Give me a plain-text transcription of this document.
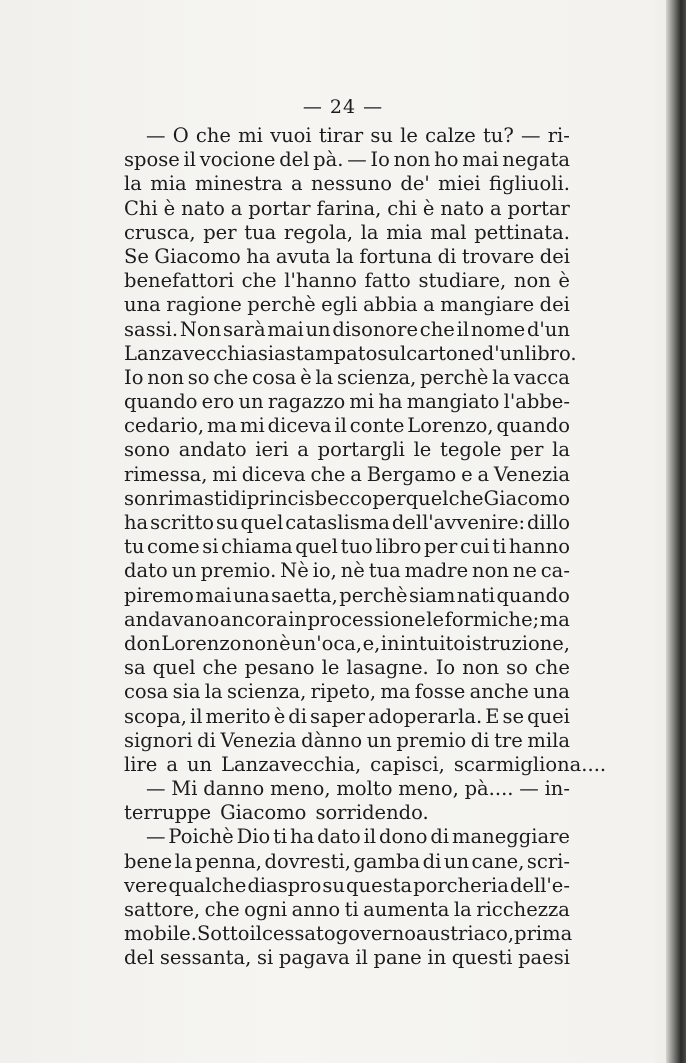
— 24 —
— O che mi vuoi tirar su le calze tu? — ri-
spose il vocione del pà. — Io non ho mai negata
la mia minestra a nessuno de' miei figliuoli.
Chi è nato a portar farina, chi è nato a portar
crusca, per tua regola, la mia mal pettinata.
Se Giacomo ha avuta la fortuna di trovare dei
benefattori che l'hanno fatto studiare, non è
una ragione perchè egli abbia a mangiare dei
sassi. Non sarà mai un disonore che il nome d'un
Lanzavecchia sia stampato sul cartone d'un libro.
Io non so che cosa è la scienza, perchè la vacca
quando ero un ragazzo mi ha mangiato l'abbe-
cedario, ma mi diceva il conte Lorenzo, quando
sono andato ieri a portargli le tegole per la
rimessa, mi diceva che a Bergamo e a Venezia
son rimasti di princisbecco per quel che Giacomo
ha scritto su quel cataslisma dell'avvenire: dillo
tu come si chiama quel tuo libro per cui ti hanno
dato un premio. Nè io, nè tua madre non ne ca-
piremo mai una saetta, perchè siam nati quando
andavano ancora in processione le formiche; ma
don Lorenzo non è un'oca, e, in intuito istruzione,
sa quel che pesano le lasagne. Io non so che
cosa sia la scienza, ripeto, ma fosse anche una
scopa, il merito è di saper adoperarla. E se quei
signori di Venezia dànno un premio di tre mila
lire a un Lanzavecchia, capisci, scarmigliona....
— Mi danno meno, molto meno, pà.... — in-
terruppe Giacomo sorridendo.
— Poichè Dio ti ha dato il dono di maneggiare
bene la penna, dovresti, gamba di un cane, scri-
vere qualche diaspro su questa porcheria dell'e-
sattore, che ogni anno ti aumenta la ricchezza
mobile. Sotto il cessato governo austriaco, prima
del sessanta, si pagava il pane in questi paesi
